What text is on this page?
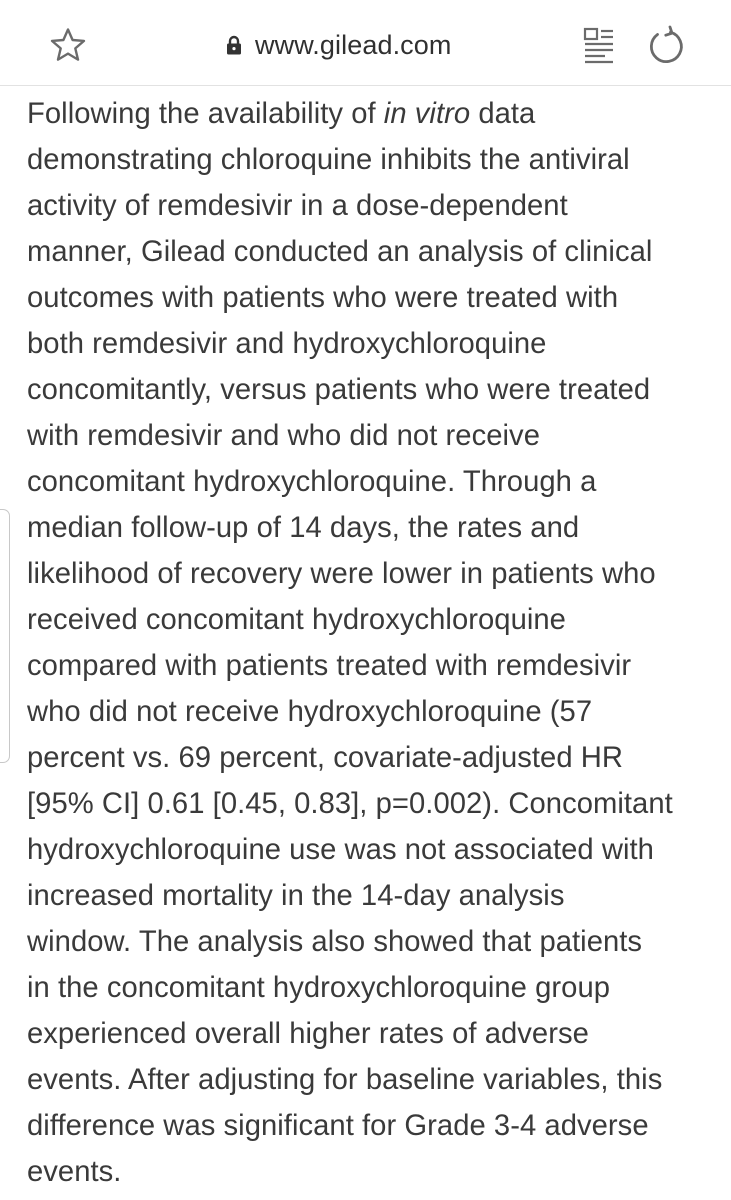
www.gilead.com
Following the availability of in vitro data
demonstrating chloroquine inhibits the antiviral
activity of remdesivir in a dose-dependent
manner, Gilead conducted an analysis of clinical
outcomes with patients who were treated with
both remdesivir and hydroxychloroquine
concomitantly, versus patients who were treated
with remdesivir and who did not receive
concomitant hydroxychloroquine. Through a
median follow-up of 14 days, the rates and
likelihood of recovery were lower in patients who
received concomitant hydroxychloroquine
compared with patients treated with remdesivir
who did not receive hydroxychloroquine (57
percent vs. 69 percent, covariate-adjusted HR
[95% CI] 0.61 [0.45, 0.83], p=0.002). Concomitant
hydroxychloroquine use was not associated with
increased mortality in the 14-day analysis
window. The analysis also showed that patients
in the concomitant hydroxychloroquine group
experienced overall higher rates of adverse
events. After adjusting for baseline variables, this
difference was significant for Grade 3-4 adverse
events.
